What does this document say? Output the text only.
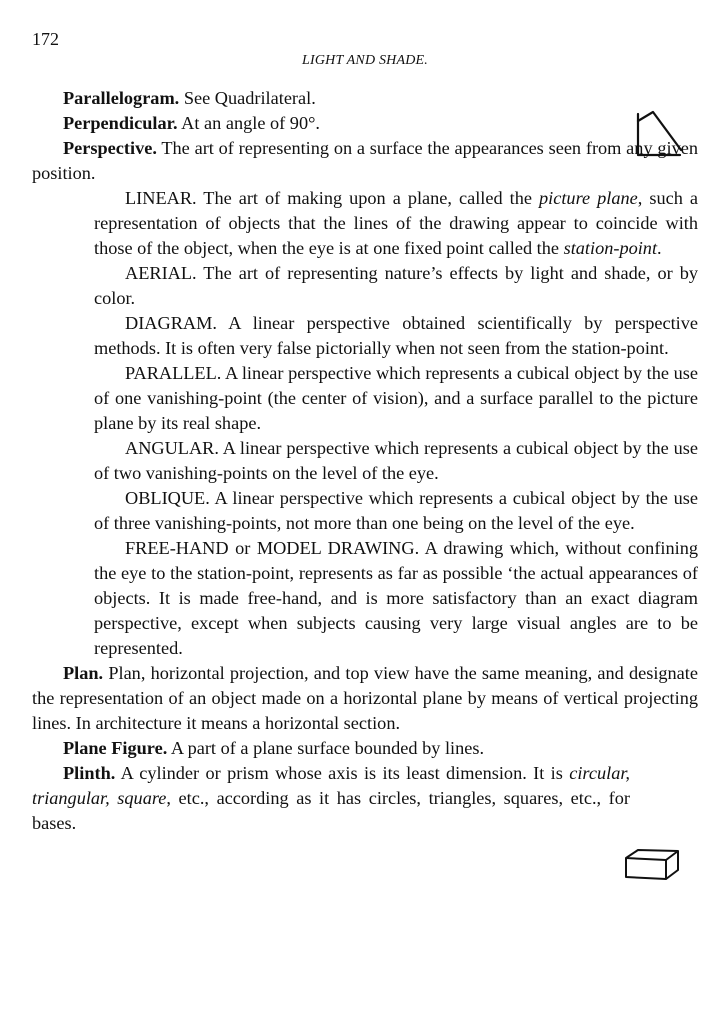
172
LIGHT AND SHADE.

Parallelogram. See Quadrilateral.

Perpendicular. At an angle of 90°.

Perspective. The art of representing on a surface the appearances seen from any given position.

LINEAR. The art of making upon a plane, called the picture plane, such a representation of objects that the lines of the drawing appear to coincide with those of the object, when the eye is at one fixed point called the station-point.

AERIAL. The art of representing nature’s effects by light and shade, or by color.

DIAGRAM. A linear perspective obtained scientifically by perspective methods. It is often very false pictorially when not seen from the station-point.

PARALLEL. A linear perspective which represents a cubical object by the use of one vanishing-point (the center of vision), and a surface parallel to the picture plane by its real shape.

ANGULAR. A linear perspective which represents a cubical object by the use of two vanishing-points on the level of the eye.

OBLIQUE. A linear perspective which represents a cubical object by the use of three vanishing-points, not more than one being on the level of the eye.

FREE-HAND or MODEL DRAWING. A drawing which, without confining the eye to the station-point, represents as far as possible ‘the actual appearances of objects. It is made free-hand, and is more satisfactory than an exact diagram perspective, except when subjects causing very large visual angles are to be represented.

Plan. Plan, horizontal projection, and top view have the same meaning, and designate the representation of an object made on a horizontal plane by means of vertical projecting lines. In architecture it means a horizontal section.

Plane Figure. A part of a plane surface bounded by lines.

Plinth. A cylinder or prism whose axis is its least dimension. It is circular, triangular, square, etc., according as it has circles, triangles, squares, etc., for bases.
